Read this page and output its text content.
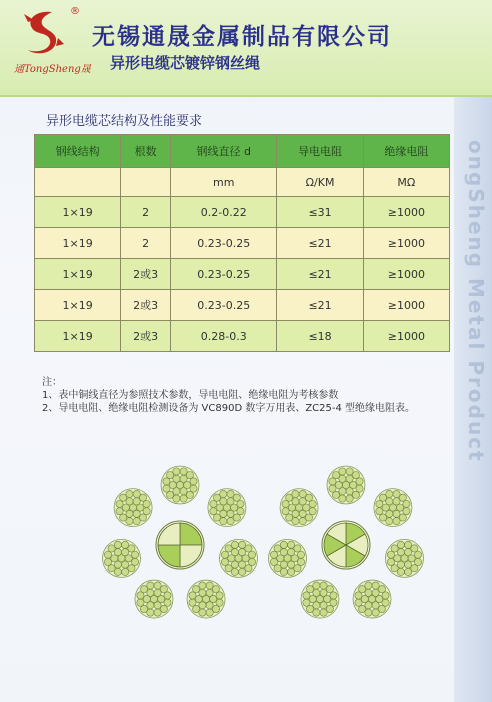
ongSheng Metal Product
®
通TongSheng晟
无锡通晟金属制品有限公司
异形电缆芯镀锌钢丝绳
异形电缆芯结构及性能要求
钢线结构	根数	钢线直径 d	导电电阻	绝缘电阻
		mm	Ω/KM	MΩ
1×19	2	0.2-0.22	≤31	≥1000
1×19	2	0.23-0.25	≤21	≥1000
1×19	2或3	0.23-0.25	≤21	≥1000
1×19	2或3	0.23-0.25	≤21	≥1000
1×19	2或3	0.28-0.3	≤18	≥1000
注：
1、表中铜线直径为参照技术参数，导电电阻、绝缘电阻为考核参数
2、导电电阻、绝缘电阻检测设备为 VC890D 数字万用表、ZC25-4 型绝缘电阻表。
